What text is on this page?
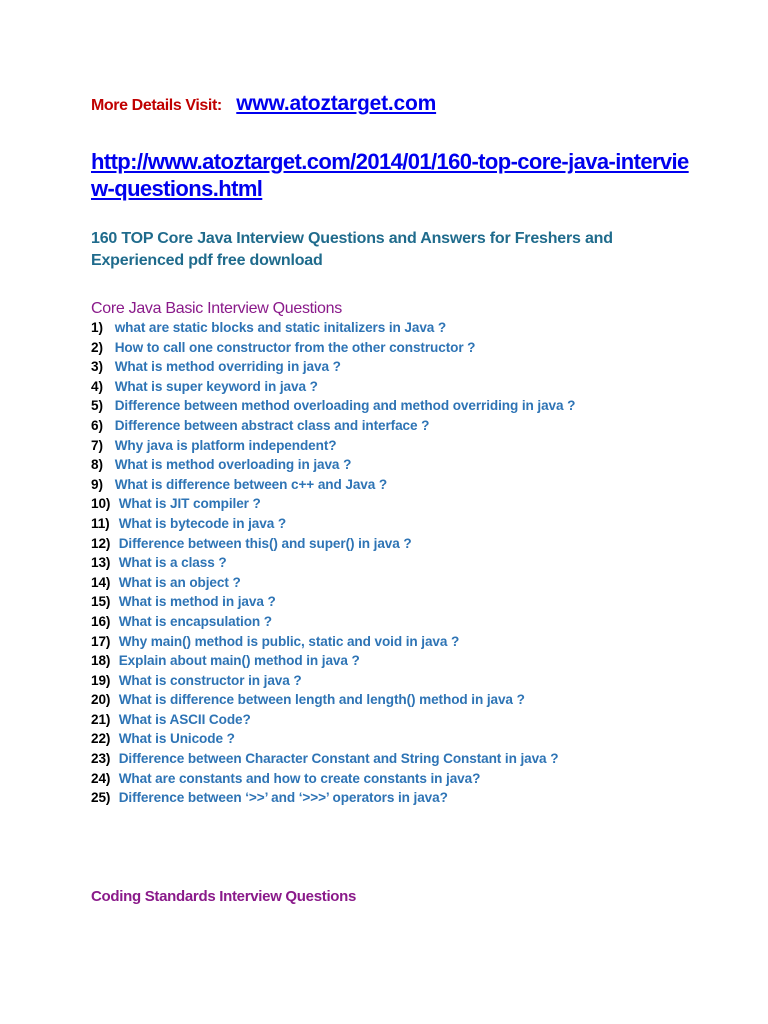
More Details Visit: www.atoztarget.com
http://www.atoztarget.com/2014/01/160-top-core-java-interview-questions.html
160 TOP Core Java Interview Questions and Answers for Freshers and Experienced pdf free download
Core Java Basic Interview Questions
1) what are static blocks and static initalizers in Java ?
2) How to call one constructor from the other constructor ?
3) What is method overriding in java ?
4) What is super keyword in java ?
5) Difference between method overloading and method overriding in java ?
6) Difference between abstract class and interface ?
7) Why java is platform independent?
8) What is method overloading in java ?
9) What is difference between c++ and Java ?
10) What is JIT compiler ?
11) What is bytecode in java ?
12) Difference between this() and super() in java ?
13) What is a class ?
14) What is an object ?
15) What is method in java ?
16) What is encapsulation ?
17) Why main() method is public, static and void in java ?
18) Explain about main() method in java ?
19) What is constructor in java ?
20) What is difference between length and length() method in java ?
21) What is ASCII Code?
22) What is Unicode ?
23) Difference between Character Constant and String Constant in java ?
24) What are constants and how to create constants in java?
25) Difference between ‘>>’ and ‘>>>’ operators in java?
Coding Standards Interview Questions
